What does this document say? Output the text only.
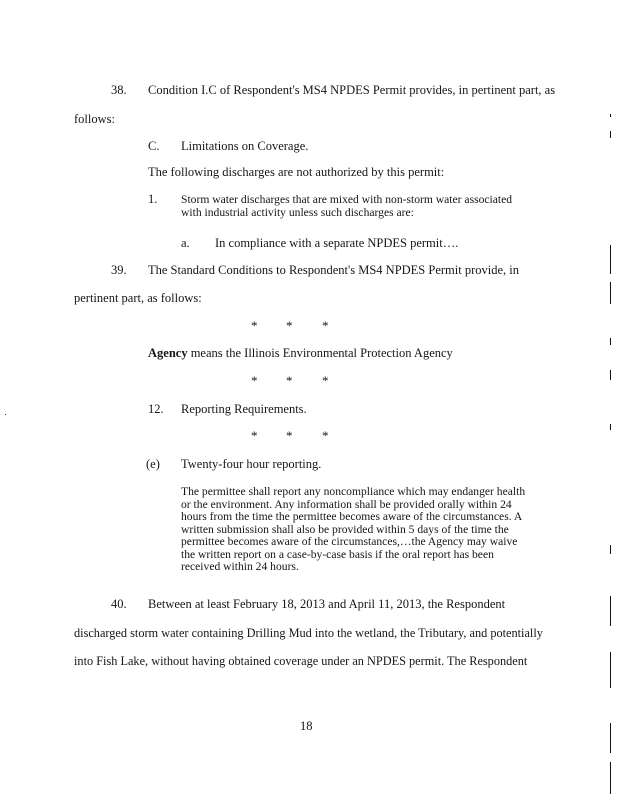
38. Condition I.C of Respondent's MS4 NPDES Permit provides, in pertinent part, as
follows:
C. Limitations on Coverage.
The following discharges are not authorized by this permit:
1. Storm water discharges that are mixed with non-storm water associated
with industrial activity unless such discharges are:
a. In compliance with a separate NPDES permit….
39. The Standard Conditions to Respondent's MS4 NPDES Permit provide, in
pertinent part, as follows:
* * *
Agency means the Illinois Environmental Protection Agency
* * *
12. Reporting Requirements.
* * *
(e) Twenty-four hour reporting.
The permittee shall report any noncompliance which may endanger health
or the environment. Any information shall be provided orally within 24
hours from the time the permittee becomes aware of the circumstances. A
written submission shall also be provided within 5 days of the time the
permittee becomes aware of the circumstances,…the Agency may waive
the written report on a case-by-case basis if the oral report has been
received within 24 hours.
40. Between at least February 18, 2013 and April 11, 2013, the Respondent
discharged storm water containing Drilling Mud into the wetland, the Tributary, and potentially
into Fish Lake, without having obtained coverage under an NPDES permit. The Respondent
18
